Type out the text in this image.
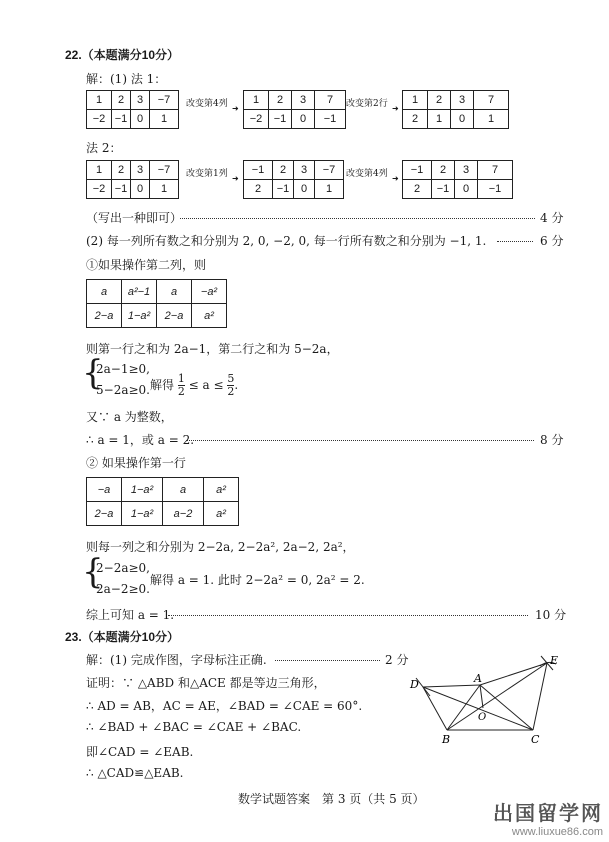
22.（本题满分10分）
解：(1) 法 1：
1	2	3	−7
−2	−1	0	1
改变第4列 ➜
1	2	3	7
−2	−1	0	−1
改变第2行 ➜
1	2	3	7
2	1	0	1
法 2：
1	2	3	−7
−2	−1	0	1
改变第1列 ➜
−1	2	3	−7
2	−1	0	1
改变第4列 ➜
−1	2	3	7
2	−1	0	−1
（写出一种即可）	4 分
(2) 每一列所有数之和分别为 2, 0, −2, 0, 每一行所有数之和分别为 −1, 1.	6 分
①如果操作第二列，则
a	a²−1	a	−a²
2−a	1−a²	2−a	a²
则第一行之和为 2a−1，第二行之和为 5−2a，
{
2a−1≥0,
5−2a≥0. 解得 $\frac{1}{2} \le a \le \frac{5}{2}$ .
又∵ a 为整数，
∴ a = 1，或 a = 2.	8 分
② 如果操作第一行
−a	1−a²	a	a²
2−a	1−a²	a−2	a²
则每一列之和分别为 2−2a, 2−2a², 2a−2, 2a²，
{
2−2a≥0,
2a−2≥0.
解得 a = 1. 此时 2−2a² = 0, 2a² = 2.
综上可知 a = 1.	10 分
23.（本题满分10分）
解：(1) 完成作图，字母标注正确.	2 分
证明：∵ △ABD 和△ACE 都是等边三角形，
∴ AD = AB，AC = AE，∠BAD = ∠CAE = 60°.
∴ ∠BAD + ∠BAC = ∠CAE + ∠BAC.
即∠CAD = ∠EAB.
∴ △CAD≌△EAB.
D	A
E
O
B	C
数学试题答案　第 3 页（共 5 页）
出国留学网
www.liuxue86.com
